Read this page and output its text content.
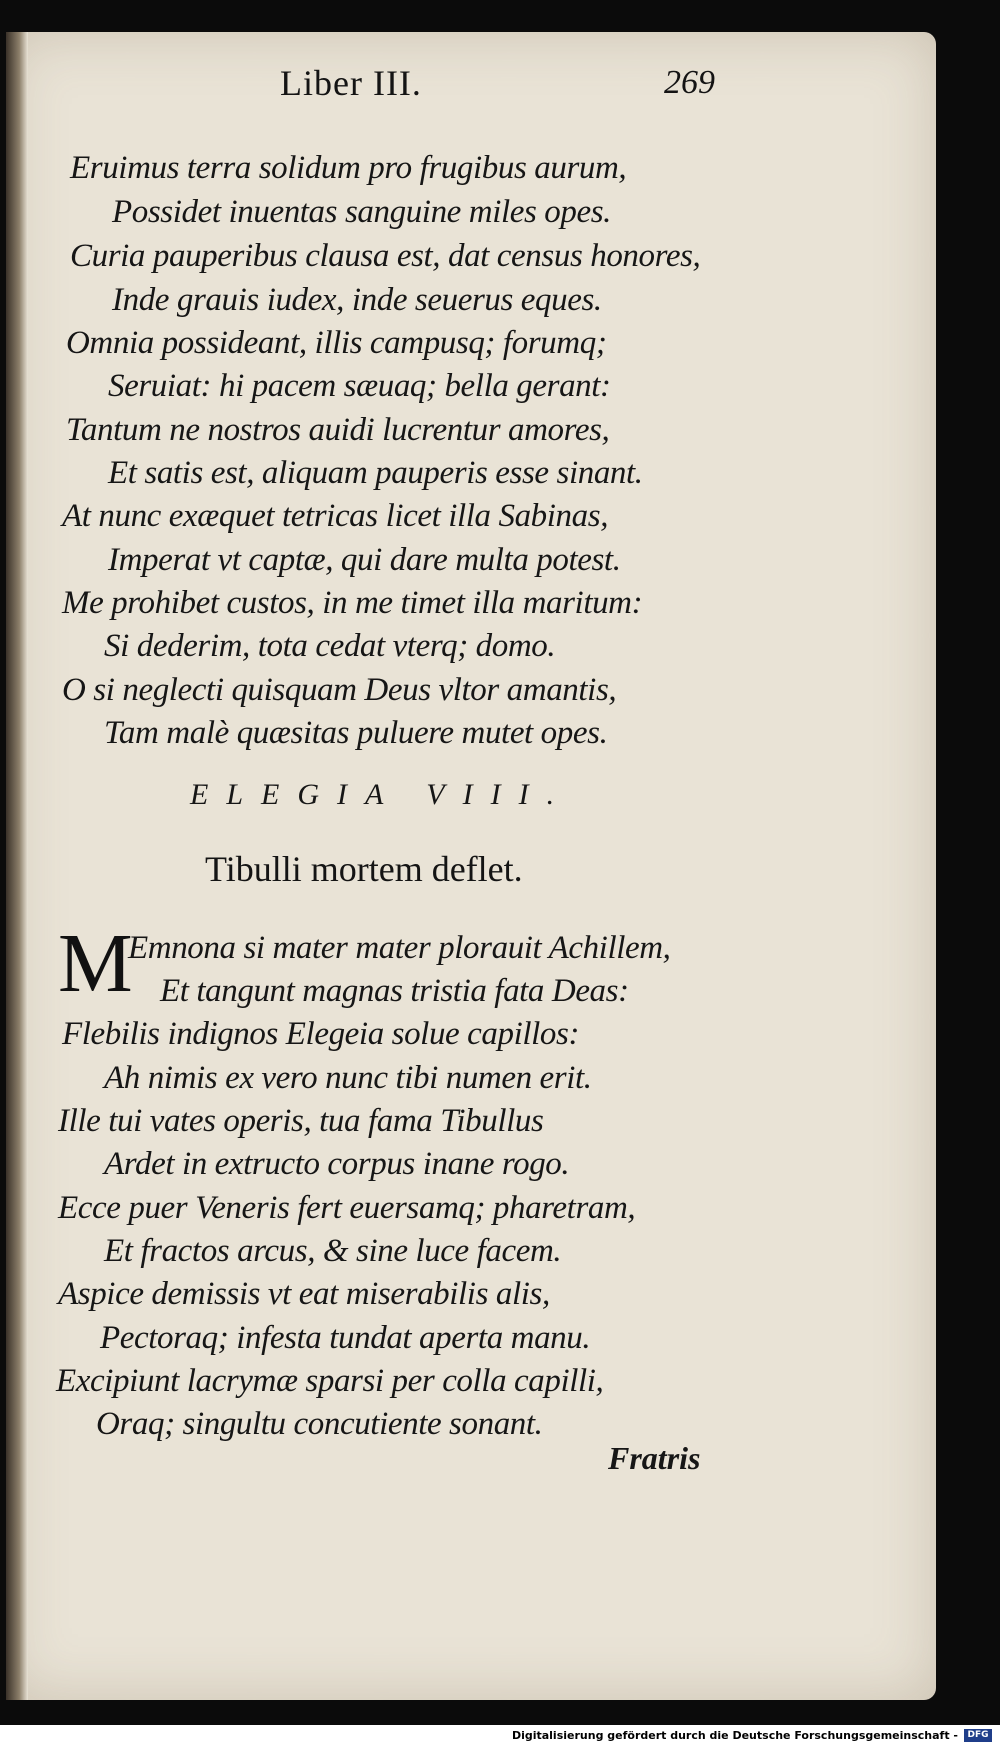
Liber III.	269
Eruimus terra solidum pro frugibus aurum,
Possidet inuentas sanguine miles opes.
Curia pauperibus clausa est, dat census honores,
Inde grauis iudex, inde seuerus eques.
Omnia possideant, illis campusq; forumq;
Seruiat: hi pacem sæuaq; bella gerant:
Tantum ne nostros auidi lucrentur amores,
Et satis est, aliquam pauperis esse sinant.
At nunc exæquet tetricas licet illa Sabinas,
Imperat vt captæ, qui dare multa potest.
Me prohibet custos, in me timet illa maritum:
Si dederim, tota cedat vterq; domo.
O si neglecti quisquam Deus vltor amantis,
Tam malè quæsitas puluere mutet opes.
ELEGIA VIII.
Tibulli mortem deflet.
M
Emnona si mater mater plorauit Achillem,
Et tangunt magnas tristia fata Deas:
Flebilis indignos Elegeia solue capillos:
Ah nimis ex vero nunc tibi numen erit.
Ille tui vates operis, tua fama Tibullus
Ardet in extructo corpus inane rogo.
Ecce puer Veneris fert euersamq; pharetram,
Et fractos arcus, & sine luce facem.
Aspice demissis vt eat miserabilis alis,
Pectoraq; infesta tundat aperta manu.
Excipiunt lacrymæ sparsi per colla capilli,
Oraq; singultu concutiente sonant.
Fratris
Digitalisierung gefördert durch die Deutsche Forschungsgemeinschaft -	DFG
